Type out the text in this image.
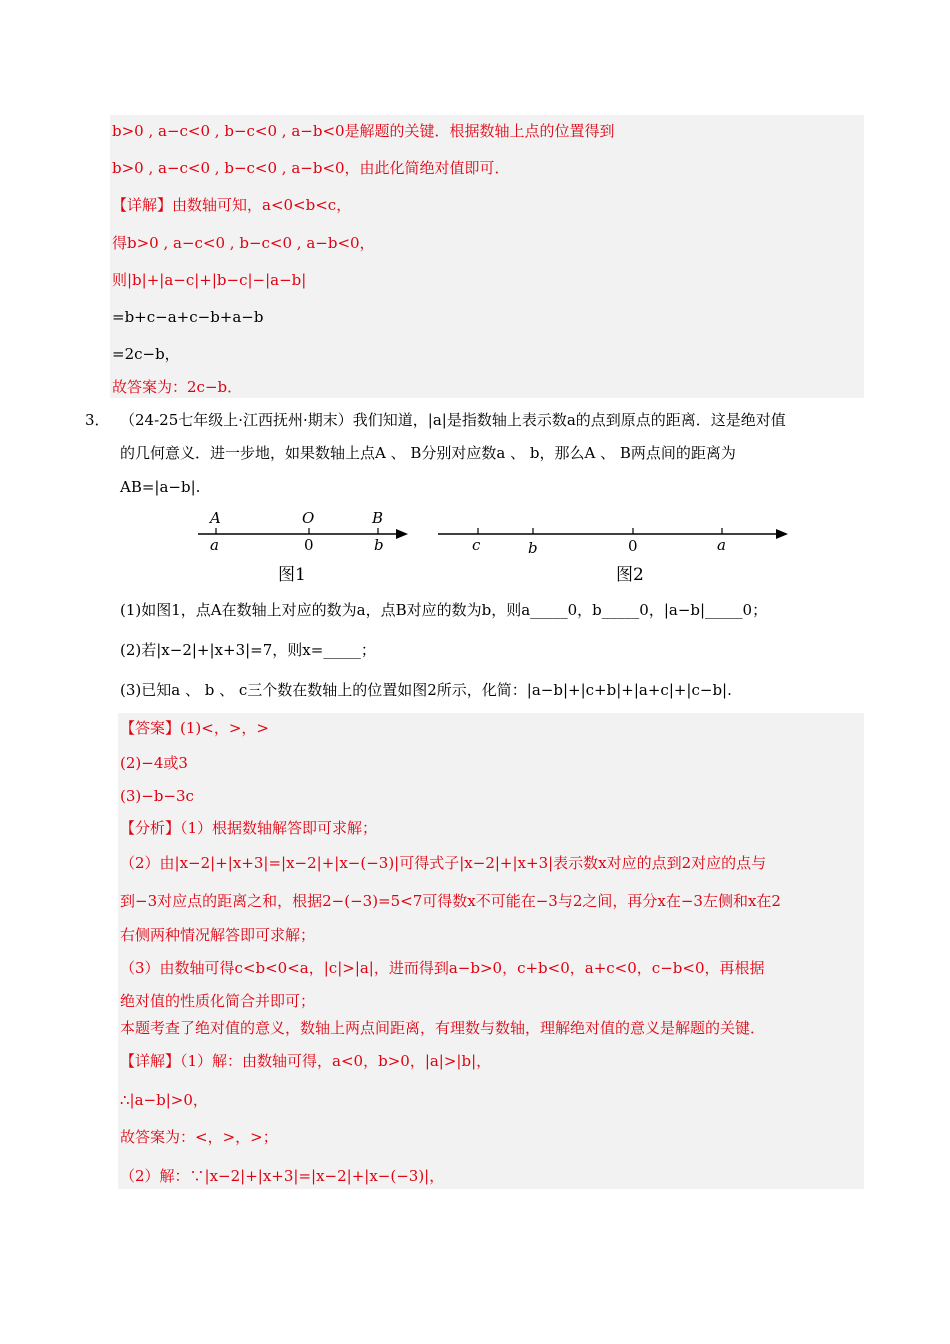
b>0 , a−c<0 , b−c<0 , a−b<0是解题的关键．根据数轴上点的位置得到
b>0 , a−c<0 , b−c<0 , a−b<0，由此化简绝对值即可．
【详解】由数轴可知，a<0<b<c，
得b>0 , a−c<0 , b−c<0 , a−b<0，
则|b|+|a−c|+|b−c|−|a−b|
=b+c−a+c−b+a−b
=2c−b，
故答案为：2c−b．
3． （24-25七年级上·江西抚州·期末）我们知道，|a|是指数轴上表示数a的点到原点的距离．这是绝对值
的几何意义．进一步地，如果数轴上点A 、 B分别对应数a 、 b，那么A 、 B两点间的距离为
AB=|a−b|.
A	O	B
a	0	b
图1
c	b	0	a
图2
(1)如图1，点A在数轴上对应的数为a，点B对应的数为b，则a_____0，b_____0，|a−b|_____0；
(2)若|x−2|+|x+3|=7，则x=_____；
(3)已知a 、 b 、 c三个数在数轴上的位置如图2所示，化简：|a−b|+|c+b|+|a+c|+|c−b|.
【答案】(1)<，>，>
(2)−4或3
(3)−b−3c
【分析】（1）根据数轴解答即可求解；
（2）由|x−2|+|x+3|=|x−2|+|x−(−3)|可得式子|x−2|+|x+3|表示数x对应的点到2对应的点与
到−3对应点的距离之和，根据2−(−3)=5<7可得数x不可能在−3与2之间，再分x在−3左侧和x在2
右侧两种情况解答即可求解；
（3）由数轴可得c<b<0<a，|c|>|a|，进而得到a−b>0，c+b<0，a+c<0，c−b<0，再根据
绝对值的性质化简合并即可；
本题考查了绝对值的意义，数轴上两点间距离，有理数与数轴，理解绝对值的意义是解题的关键．
【详解】（1）解：由数轴可得，a<0，b>0，|a|>|b|，
∴|a−b|>0，
故答案为：<，>，>；
（2）解：∵|x−2|+|x+3|=|x−2|+|x−(−3)|，
